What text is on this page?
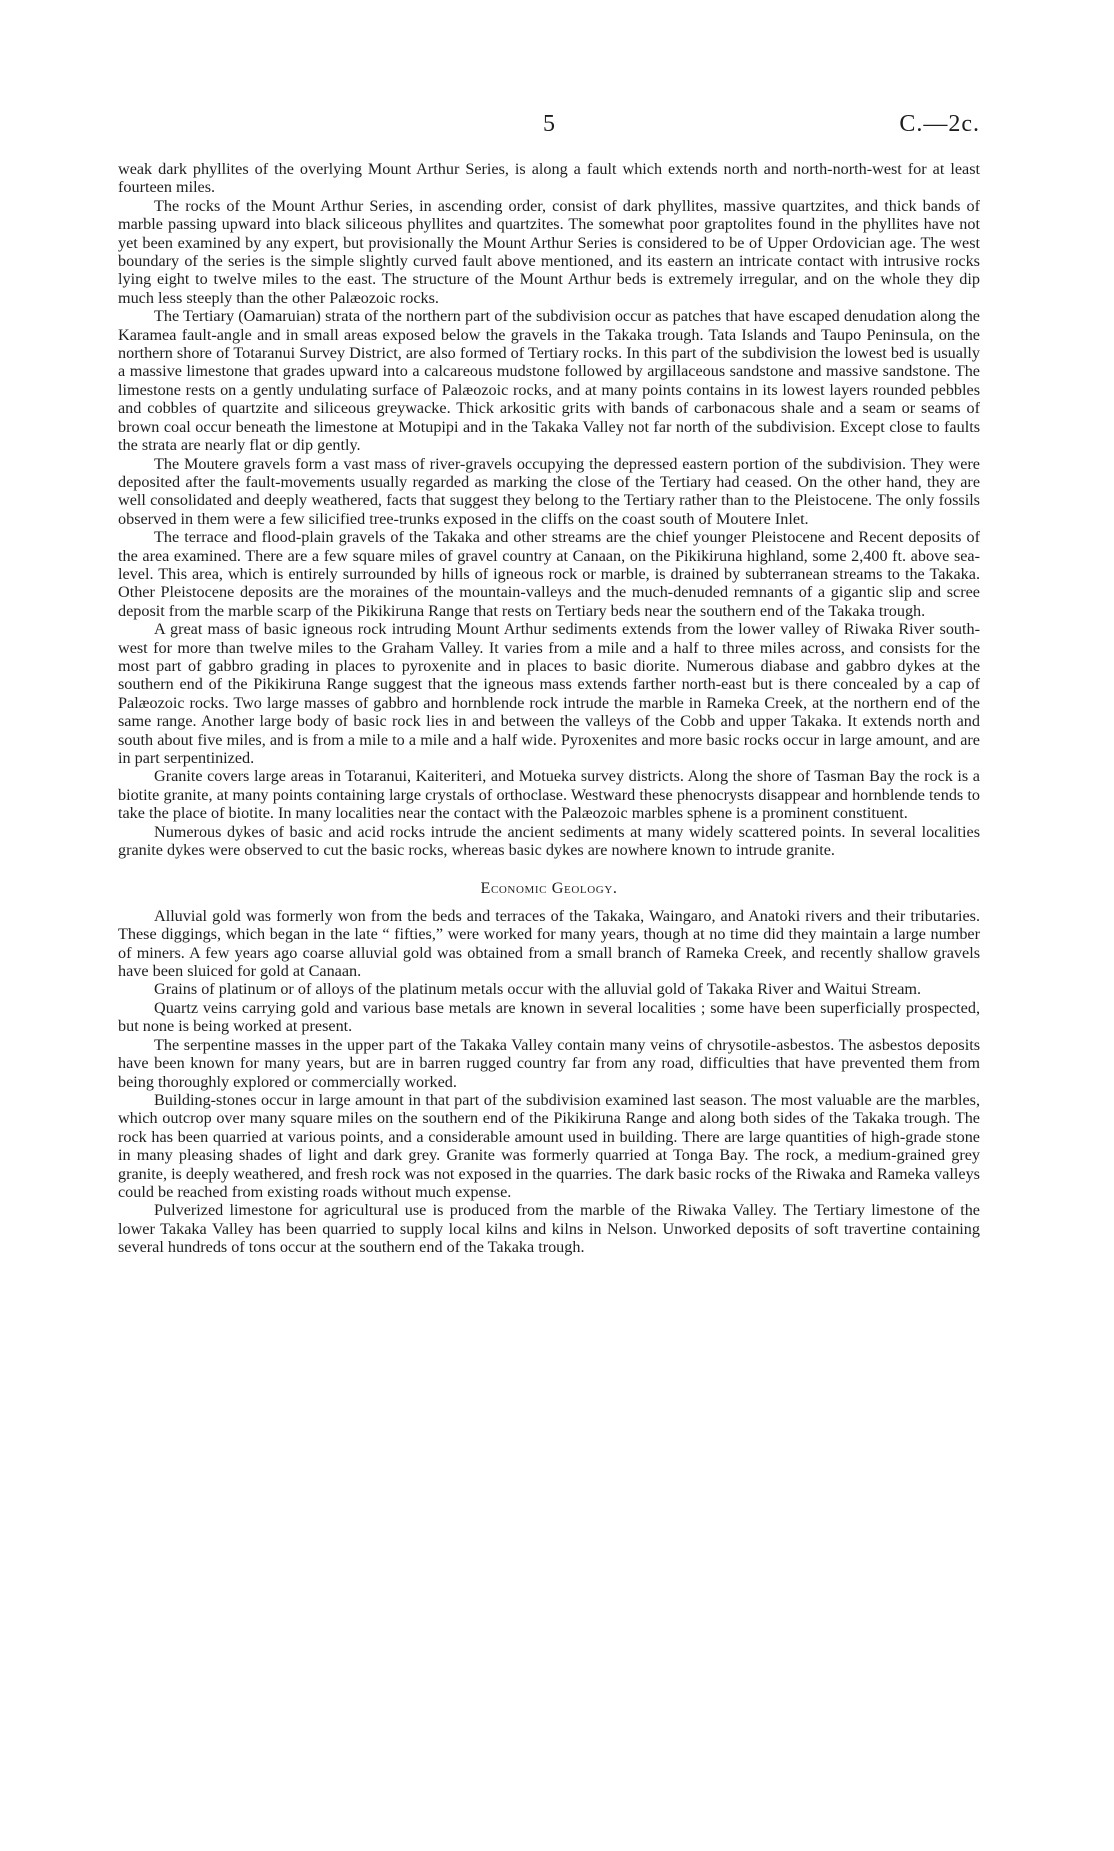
5	C.—2c.

weak dark phyllites of the overlying Mount Arthur Series, is along a fault which extends north and north-north-west for at least fourteen miles.

The rocks of the Mount Arthur Series, in ascending order, consist of dark phyllites, massive quartzites, and thick bands of marble passing upward into black siliceous phyllites and quartzites. The somewhat poor graptolites found in the phyllites have not yet been examined by any expert, but provisionally the Mount Arthur Series is considered to be of Upper Ordovician age. The west boundary of the series is the simple slightly curved fault above mentioned, and its eastern an intricate contact with intrusive rocks lying eight to twelve miles to the east. The structure of the Mount Arthur beds is extremely irregular, and on the whole they dip much less steeply than the other Palæozoic rocks.

The Tertiary (Oamaruian) strata of the northern part of the subdivision occur as patches that have escaped denudation along the Karamea fault-angle and in small areas exposed below the gravels in the Takaka trough. Tata Islands and Taupo Peninsula, on the northern shore of Totaranui Survey District, are also formed of Tertiary rocks. In this part of the subdivision the lowest bed is usually a massive limestone that grades upward into a calcareous mudstone followed by argillaceous sandstone and massive sandstone. The limestone rests on a gently undulating surface of Palæozoic rocks, and at many points contains in its lowest layers rounded pebbles and cobbles of quartzite and siliceous greywacke. Thick arkositic grits with bands of carbonacous shale and a seam or seams of brown coal occur beneath the limestone at Motupipi and in the Takaka Valley not far north of the subdivision. Except close to faults the strata are nearly flat or dip gently.

The Moutere gravels form a vast mass of river-gravels occupying the depressed eastern portion of the subdivision. They were deposited after the fault-movements usually regarded as marking the close of the Tertiary had ceased. On the other hand, they are well consolidated and deeply weathered, facts that suggest they belong to the Tertiary rather than to the Pleistocene. The only fossils observed in them were a few silicified tree-trunks exposed in the cliffs on the coast south of Moutere Inlet.

The terrace and flood-plain gravels of the Takaka and other streams are the chief younger Pleistocene and Recent deposits of the area examined. There are a few square miles of gravel country at Canaan, on the Pikikiruna highland, some 2,400 ft. above sea-level. This area, which is entirely surrounded by hills of igneous rock or marble, is drained by subterranean streams to the Takaka. Other Pleistocene deposits are the moraines of the mountain-valleys and the much-denuded remnants of a gigantic slip and scree deposit from the marble scarp of the Pikikiruna Range that rests on Tertiary beds near the southern end of the Takaka trough.

A great mass of basic igneous rock intruding Mount Arthur sediments extends from the lower valley of Riwaka River south-west for more than twelve miles to the Graham Valley. It varies from a mile and a half to three miles across, and consists for the most part of gabbro grading in places to pyroxenite and in places to basic diorite. Numerous diabase and gabbro dykes at the southern end of the Pikikiruna Range suggest that the igneous mass extends farther north-east but is there concealed by a cap of Palæozoic rocks. Two large masses of gabbro and hornblende rock intrude the marble in Rameka Creek, at the northern end of the same range. Another large body of basic rock lies in and between the valleys of the Cobb and upper Takaka. It extends north and south about five miles, and is from a mile to a mile and a half wide. Pyroxenites and more basic rocks occur in large amount, and are in part serpentinized.

Granite covers large areas in Totaranui, Kaiteriteri, and Motueka survey districts. Along the shore of Tasman Bay the rock is a biotite granite, at many points containing large crystals of orthoclase. Westward these phenocrysts disappear and hornblende tends to take the place of biotite. In many localities near the contact with the Palæozoic marbles sphene is a prominent constituent.

Numerous dykes of basic and acid rocks intrude the ancient sediments at many widely scattered points. In several localities granite dykes were observed to cut the basic rocks, whereas basic dykes are nowhere known to intrude granite.

Economic Geology.

Alluvial gold was formerly won from the beds and terraces of the Takaka, Waingaro, and Anatoki rivers and their tributaries. These diggings, which began in the late “ fifties,” were worked for many years, though at no time did they maintain a large number of miners. A few years ago coarse alluvial gold was obtained from a small branch of Rameka Creek, and recently shallow gravels have been sluiced for gold at Canaan.

Grains of platinum or of alloys of the platinum metals occur with the alluvial gold of Takaka River and Waitui Stream.

Quartz veins carrying gold and various base metals are known in several localities ; some have been superficially prospected, but none is being worked at present.

The serpentine masses in the upper part of the Takaka Valley contain many veins of chrysotile-asbestos. The asbestos deposits have been known for many years, but are in barren rugged country far from any road, difficulties that have prevented them from being thoroughly explored or commercially worked.

Building-stones occur in large amount in that part of the subdivision examined last season. The most valuable are the marbles, which outcrop over many square miles on the southern end of the Pikikiruna Range and along both sides of the Takaka trough. The rock has been quarried at various points, and a considerable amount used in building. There are large quantities of high-grade stone in many pleasing shades of light and dark grey. Granite was formerly quarried at Tonga Bay. The rock, a medium-grained grey granite, is deeply weathered, and fresh rock was not exposed in the quarries. The dark basic rocks of the Riwaka and Rameka valleys could be reached from existing roads without much expense.

Pulverized limestone for agricultural use is produced from the marble of the Riwaka Valley. The Tertiary limestone of the lower Takaka Valley has been quarried to supply local kilns and kilns in Nelson. Unworked deposits of soft travertine containing several hundreds of tons occur at the southern end of the Takaka trough.
